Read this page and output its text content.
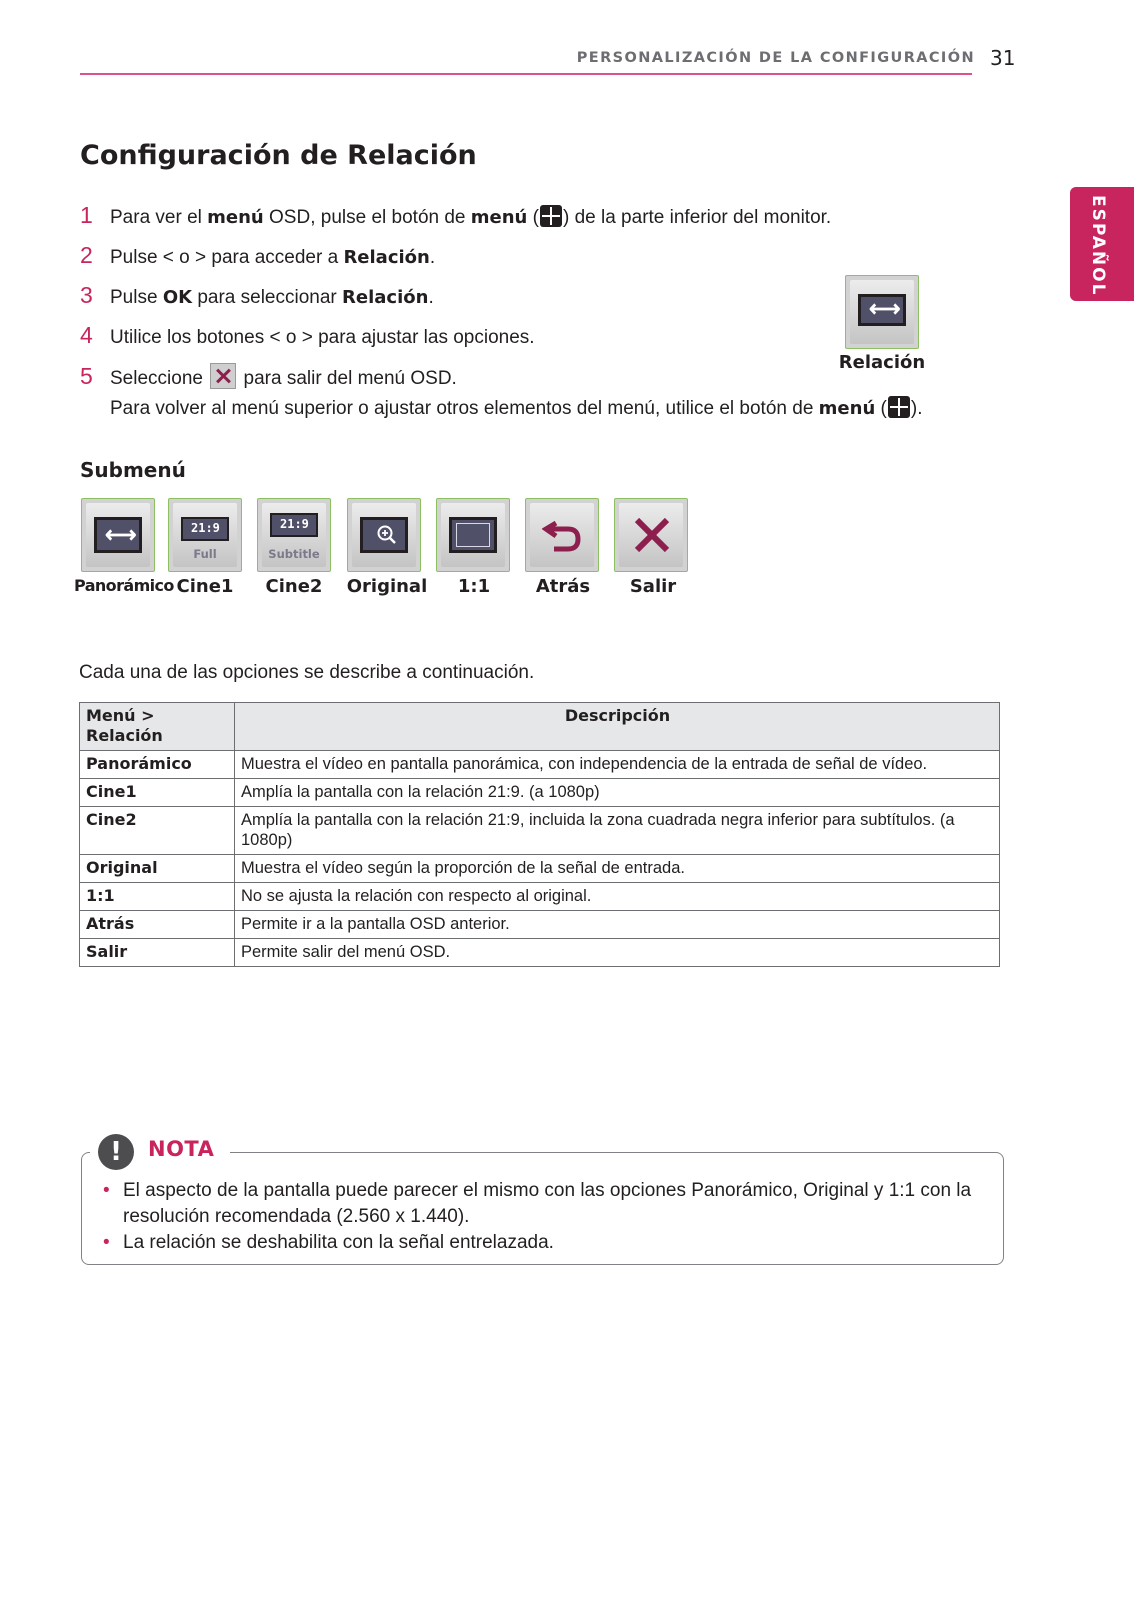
PERSONALIZACIÓN DE LA CONFIGURACIÓN 31
ESPAÑOL
Configuración de Relación
1 Para ver el menú OSD, pulse el botón de menú ( ) de la parte inferior del monitor.
2 Pulse < o > para acceder a Relación.
3 Pulse OK para seleccionar Relación.
4 Utilice los botones < o > para ajustar las opciones.
5 Seleccione  para salir del menú OSD.
Para volver al menú superior o ajustar otros elementos del menú, utilice el botón de menú ( ).
⟷
Relación
Submenú
⟷	21:9
Full
21:9
Subtitle
Panorámico Cine1	Cine2	Original	1:1	Atrás	Salir
Cada una de las opciones se describe a continuación.
Menú > Relación	Descripción
Panorámico	Muestra el vídeo en pantalla panorámica, con independencia de la entrada de señal de vídeo.
Cine1	Amplía la pantalla con la relación 21:9. (a 1080p)
Cine2	Amplía la pantalla con la relación 21:9, incluida la zona cuadrada negra inferior para subtítulos. (a 1080p)
Original	Muestra el vídeo según la proporción de la señal de entrada.
1:1	No se ajusta la relación con respecto al original.
Atrás	Permite ir a la pantalla OSD anterior.
Salir	Permite salir del menú OSD.
!	NOTA
• El aspecto de la pantalla puede parecer el mismo con las opciones Panorámico, Original y 1:1 con la resolución recomendada (2.560 x 1.440).
• La relación se deshabilita con la señal entrelazada.
